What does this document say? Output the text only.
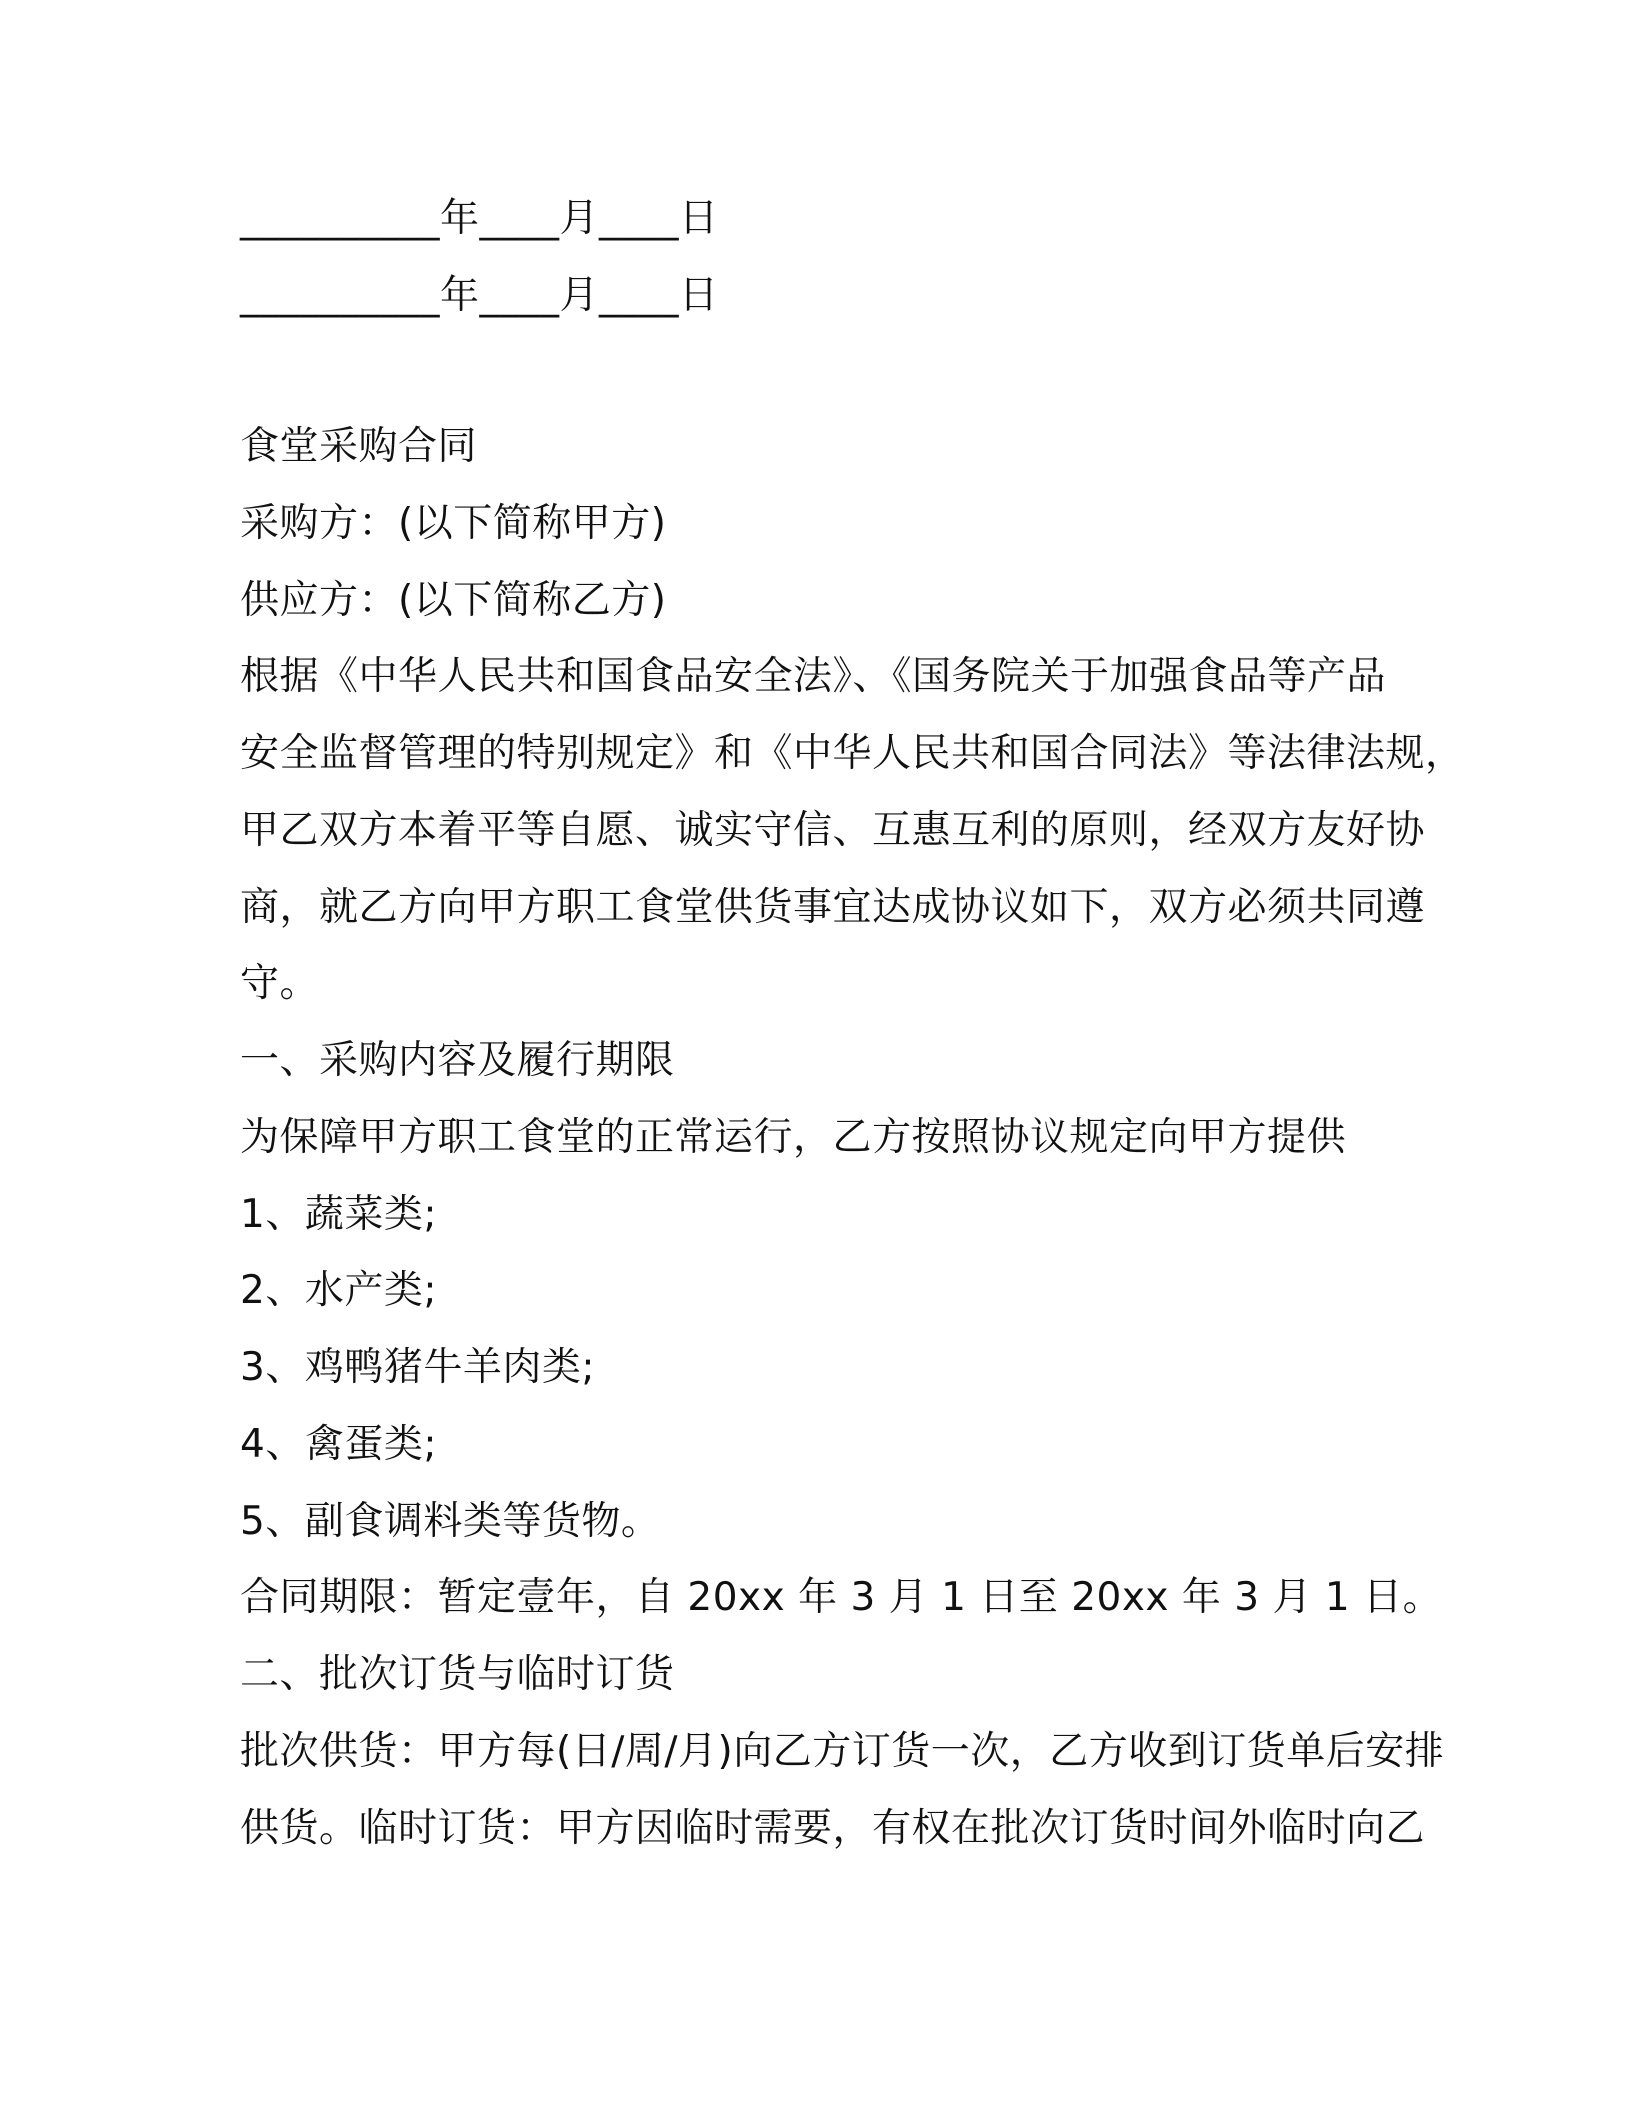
__________年____月____日
__________年____月____日
食堂采购合同
采购方：(以下简称甲方)
供应方：(以下简称乙方)
根据《中华人民共和国食品安全法》、《国务院关于加强食品等产品
安全监督管理的特别规定》和《中华人民共和国合同法》等法律法规，
甲乙双方本着平等自愿、诚实守信、互惠互利的原则，经双方友好协
商，就乙方向甲方职工食堂供货事宜达成协议如下，双方必须共同遵
守。
一、采购内容及履行期限
为保障甲方职工食堂的正常运行，乙方按照协议规定向甲方提供
1、蔬菜类;
2、水产类;
3、鸡鸭猪牛羊肉类;
4、禽蛋类;
5、副食调料类等货物。
合同期限：暂定壹年，自 20xx 年 3 月 1 日至 20xx 年 3 月 1 日。
二、批次订货与临时订货
批次供货：甲方每(日/周/月)向乙方订货一次，乙方收到订货单后安排
供货。临时订货：甲方因临时需要，有权在批次订货时间外临时向乙
